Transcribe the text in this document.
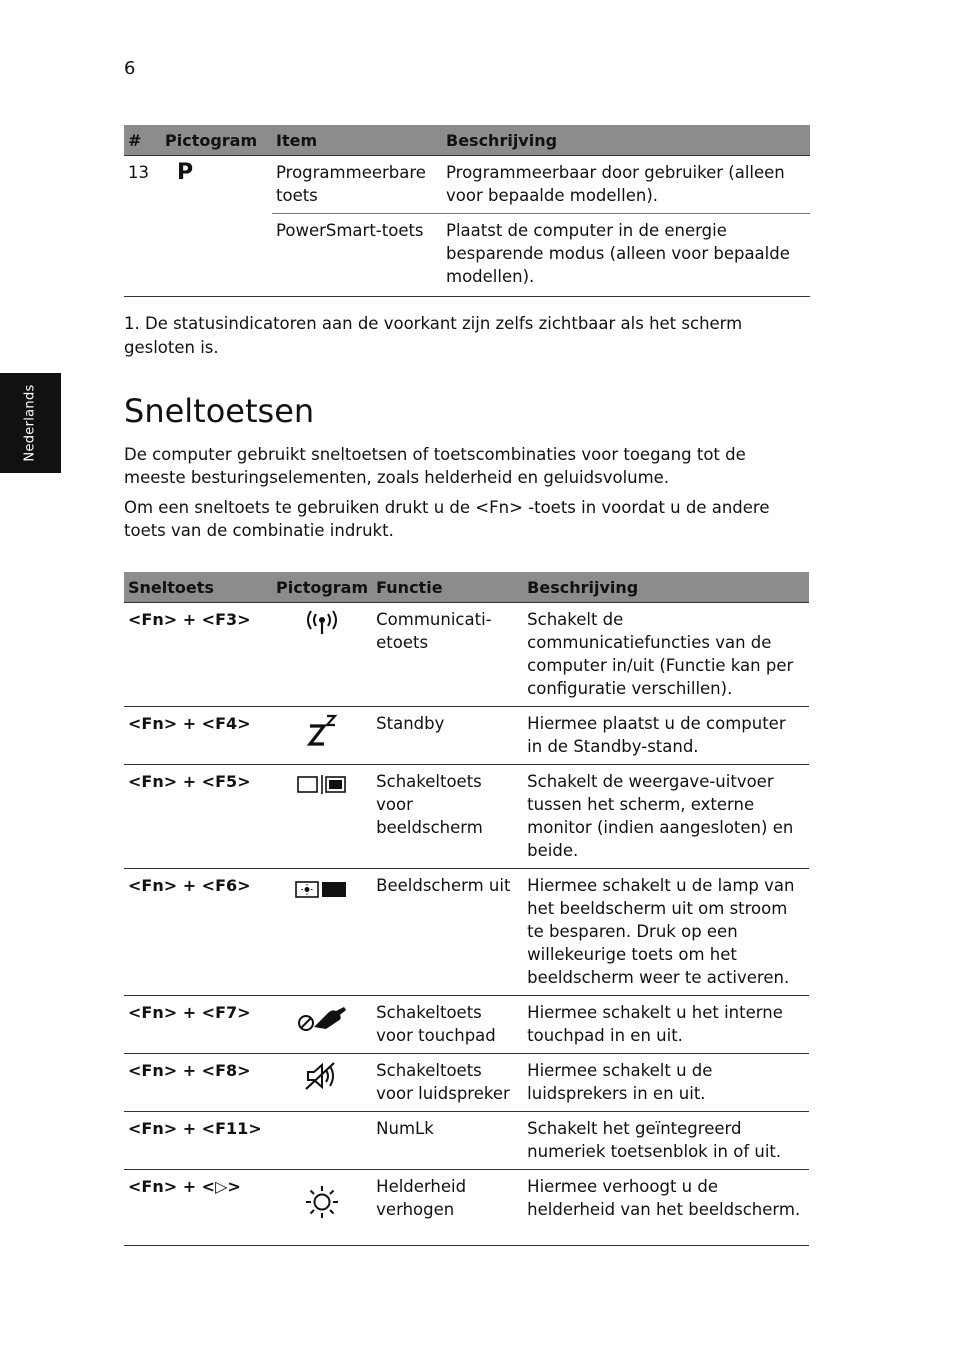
6
Nederlands
#	Pictogram	Item	Beschrijving
13	P	Programmeerbare toets	Programmeerbaar door gebruiker (alleen voor bepaalde modellen).
		PowerSmart-toets	Plaatst de computer in de energie besparende modus (alleen voor bepaalde modellen).
1. De statusindicatoren aan de voorkant zijn zelfs zichtbaar als het scherm gesloten is.
Sneltoetsen

De computer gebruikt sneltoetsen of toetscombinaties voor toegang tot de meeste besturingselementen, zoals helderheid en geluidsvolume.

Om een sneltoets te gebruiken drukt u de <Fn> -toets in voordat u de andere toets van de combinatie indrukt.

Sneltoets	Pictogram	Functie	Beschrijving
<Fn> + <F3>		Communicati-etoets	Schakelt de communicatiefuncties van de computer in/uit (Functie kan per configuratie verschillen).
<Fn> + <F4>		Standby	Hiermee plaatst u de computer in de Standby-stand.
<Fn> + <F5>		Schakeltoets voor beeldscherm	Schakelt de weergave-uitvoer tussen het scherm, externe monitor (indien aangesloten) en beide.
<Fn> + <F6>		Beeldscherm uit	Hiermee schakelt u de lamp van het beeldscherm uit om stroom te besparen. Druk op een willekeurige toets om het beeldscherm weer te activeren.
<Fn> + <F7>		Schakeltoets voor touchpad	Hiermee schakelt u het interne touchpad in en uit.
<Fn> + <F8>		Schakeltoets voor luidspreker	Hiermee schakelt u de luidsprekers in en uit.
<Fn> + <F11>		NumLk	Schakelt het geïntegreerd numeriek toetsenblok in of uit.
<Fn> + <▷>		Helderheid verhogen	Hiermee verhoogt u de helderheid van het beeldscherm.
